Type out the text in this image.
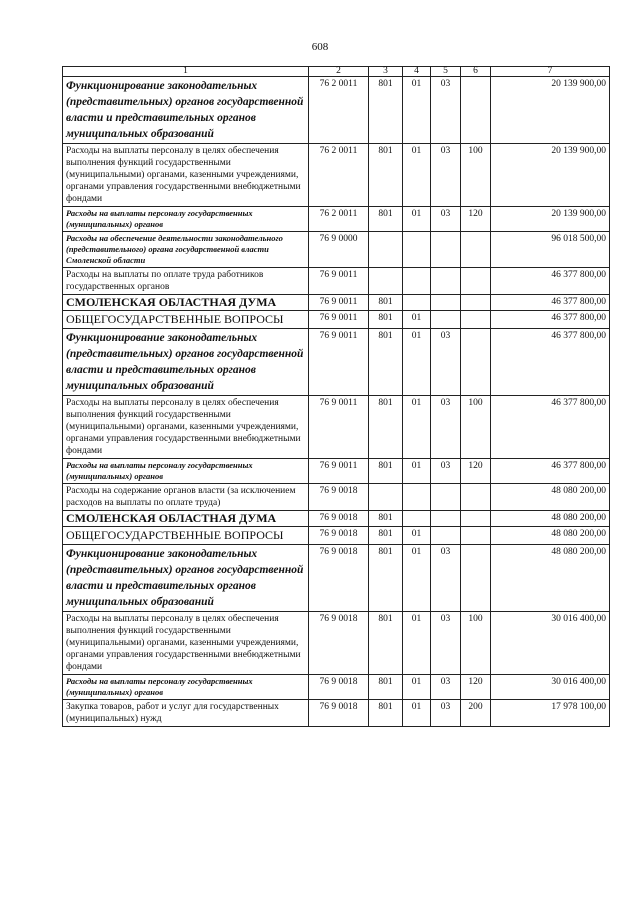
608
1	2	3	4	5	6	7
Функционирование законодательных (представительных) органов государственной власти и представительных органов муниципальных образований	76 2 0011	801	01	03		20 139 900,00
Расходы на выплаты персоналу в целях обеспечения выполнения функций государственными (муниципальными) органами, казенными учреждениями, органами управления государственными внебюджетными фондами	76 2 0011	801	01	03	100	20 139 900,00
Расходы на выплаты персоналу государственных (муниципальных) органов	76 2 0011	801	01	03	120	20 139 900,00
Расходы на обеспечение деятельности законодательного (представительного) органа государственной власти Смоленской области	76 9 0000					96 018 500,00
Расходы на выплаты по оплате труда работников государственных органов	76 9 0011					46 377 800,00
СМОЛЕНСКАЯ ОБЛАСТНАЯ ДУМА	76 9 0011	801				46 377 800,00
ОБЩЕГОСУДАРСТВЕННЫЕ ВОПРОСЫ	76 9 0011	801	01			46 377 800,00
Функционирование законодательных (представительных) органов государственной власти и представительных органов муниципальных образований	76 9 0011	801	01	03		46 377 800,00
Расходы на выплаты персоналу в целях обеспечения выполнения функций государственными (муниципальными) органами, казенными учреждениями, органами управления государственными внебюджетными фондами	76 9 0011	801	01	03	100	46 377 800,00
Расходы на выплаты персоналу государственных (муниципальных) органов	76 9 0011	801	01	03	120	46 377 800,00
Расходы на содержание органов власти (за исключением расходов на выплаты по оплате труда)	76 9 0018					48 080 200,00
СМОЛЕНСКАЯ ОБЛАСТНАЯ ДУМА	76 9 0018	801				48 080 200,00
ОБЩЕГОСУДАРСТВЕННЫЕ ВОПРОСЫ	76 9 0018	801	01			48 080 200,00
Функционирование законодательных (представительных) органов государственной власти и представительных органов муниципальных образований	76 9 0018	801	01	03		48 080 200,00
Расходы на выплаты персоналу в целях обеспечения выполнения функций государственными (муниципальными) органами, казенными учреждениями, органами управления государственными внебюджетными фондами	76 9 0018	801	01	03	100	30 016 400,00
Расходы на выплаты персоналу государственных (муниципальных) органов	76 9 0018	801	01	03	120	30 016 400,00
Закупка товаров, работ и услуг для государственных (муниципальных) нужд	76 9 0018	801	01	03	200	17 978 100,00
